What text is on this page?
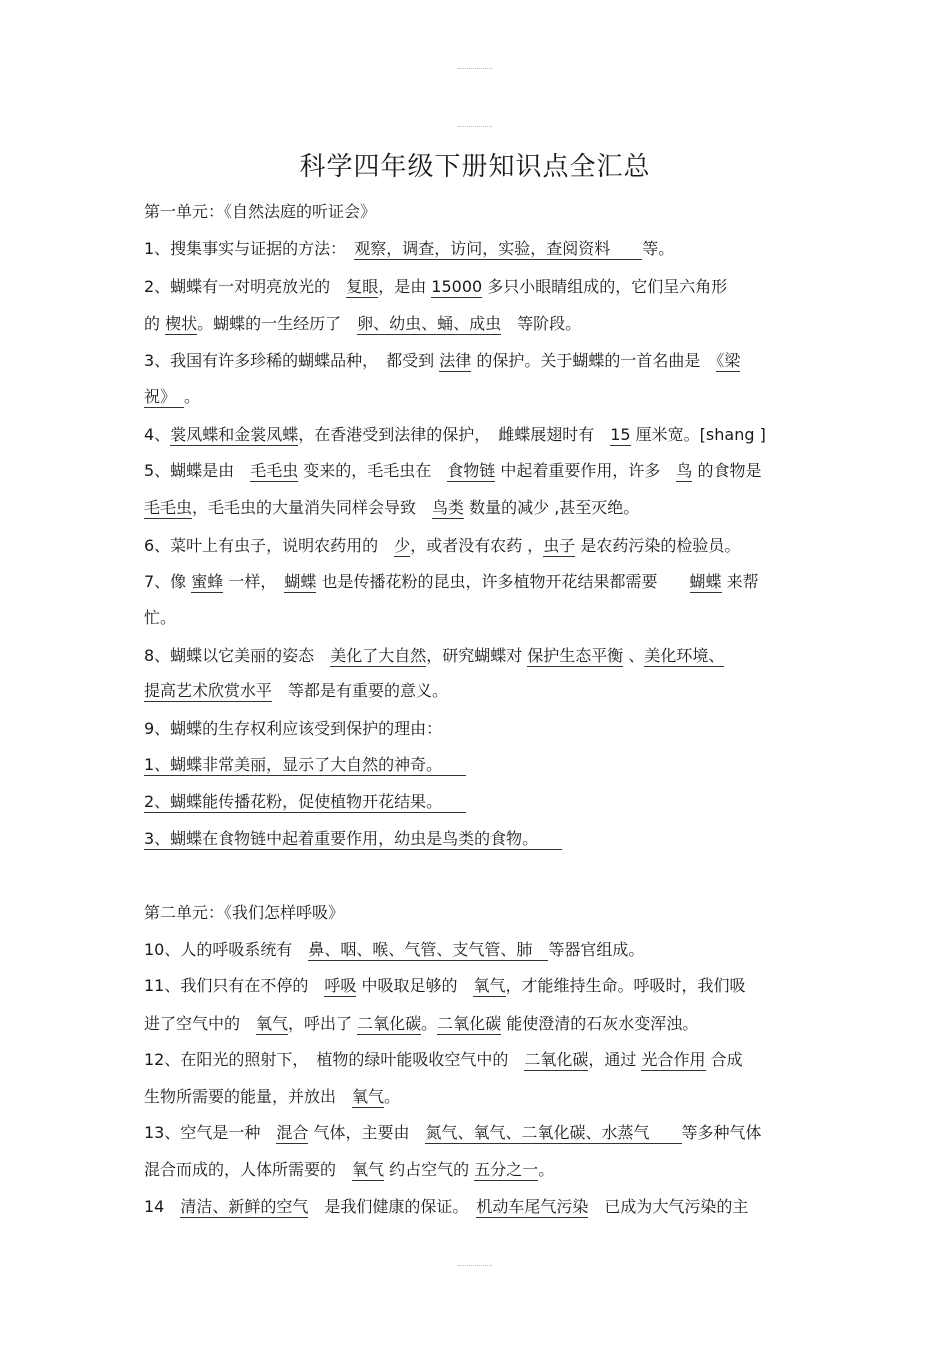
科学四年级下册知识点全汇总
第一单元：《自然法庭的听证会》
1、搜集事实与证据的方法：　观察，调查，访问，实验，查阅资料　　等。
2、蝴蝶有一对明亮放光的　复眼，是由 15000 多只小眼睛组成的，它们呈六角形
的 楔状。蝴蝶的一生经历了　卵、幼虫、蛹、成虫　等阶段。
3、我国有许多珍稀的蝴蝶品种，　都受到 法律 的保护。关于蝴蝶的一首名曲是　《梁
祝》　。
4、裳凤蝶和金裳凤蝶，在香港受到法律的保护，　雌蝶展翅时有　15 厘米宽。[shang ]
5、蝴蝶是由　毛毛虫 变来的，毛毛虫在　食物链 中起着重要作用，许多　鸟 的食物是
毛毛虫，毛毛虫的大量消失同样会导致　鸟类 数量的减少 ,甚至灭绝。
6、菜叶上有虫子，说明农药用的　少，或者没有农药 ，虫子 是农药污染的检验员。
7、像 蜜蜂 一样，　蝴蝶 也是传播花粉的昆虫，许多植物开花结果都需要　　蝴蝶 来帮
忙。
8、蝴蝶以它美丽的姿态　美化了大自然，研究蝴蝶对 保护生态平衡 、美化环境、
提高艺术欣赏水平　等都是有重要的意义。
9、蝴蝶的生存权利应该受到保护的理由：
1、蝴蝶非常美丽，显示了大自然的神奇。　　
2、蝴蝶能传播花粉，促使植物开花结果。　　
3、蝴蝶在食物链中起着重要作用，幼虫是鸟类的食物。　　
第二单元：《我们怎样呼吸》
10、人的呼吸系统有　鼻、咽、喉、气管、支气管、肺　等器官组成。
11、我们只有在不停的　呼吸 中吸取足够的　氧气，才能维持生命。呼吸时，我们吸
进了空气中的　氧气，呼出了 二氧化碳。二氧化碳 能使澄清的石灰水变浑浊。
12、在阳光的照射下，　植物的绿叶能吸收空气中的　二氧化碳，通过 光合作用 合成
生物所需要的能量，并放出　氧气。
13、空气是一种　混合 气体，主要由　氮气、氧气、二氧化碳、水蒸气　　等多种气体
混合而成的，人体所需要的　氧气 约占空气的 五分之一。
14　清洁、新鲜的空气　是我们健康的保证。　机动车尾气污染　已成为大气污染的主
